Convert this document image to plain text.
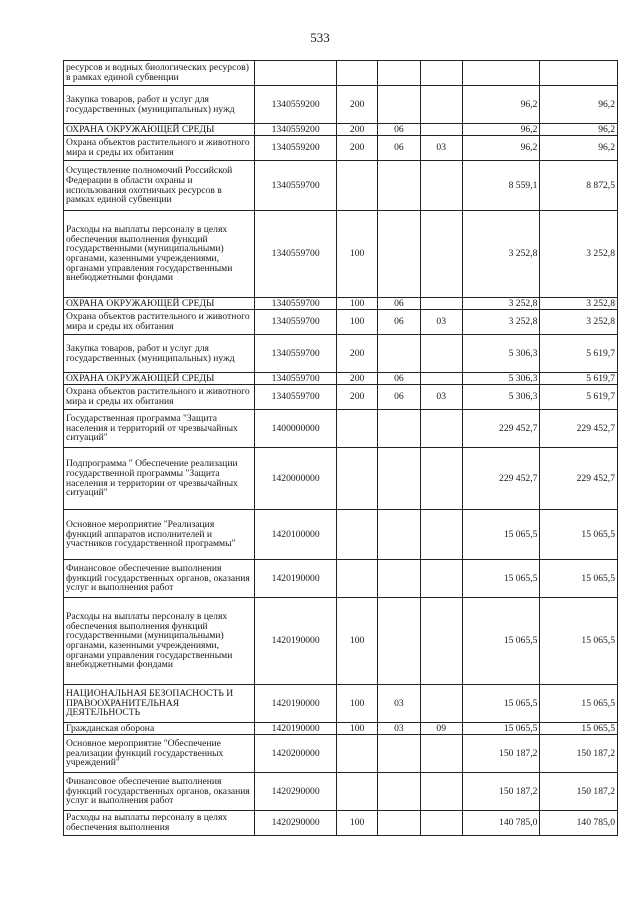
533
ресурсов и водных биологических ресурсов) в рамках единой субвенции						
Закупка товаров, работ и услуг для государственных (муниципальных) нужд	1340559200	200			96,2	96,2
ОХРАНА ОКРУЖАЮЩЕЙ СРЕДЫ	1340559200	200	06		96,2	96,2
Охрана объектов растительного и животного мира и среды их обитания	1340559200	200	06	03	96,2	96,2
Осуществление полномочий Российской Федерации в области охраны и использования охотничьих ресурсов в рамках единой субвенции	1340559700				8 559,1	8 872,5
Расходы на выплаты персоналу в целях обеспечения выполнения функций государственными (муниципальными) органами, казенными учреждениями, органами управления государственными внебюджетными фондами	1340559700	100			3 252,8	3 252,8
ОХРАНА ОКРУЖАЮЩЕЙ СРЕДЫ	1340559700	100	06		3 252,8	3 252,8
Охрана объектов растительного и животного мира и среды их обитания	1340559700	100	06	03	3 252,8	3 252,8
Закупка товаров, работ и услуг для государственных (муниципальных) нужд	1340559700	200			5 306,3	5 619,7
ОХРАНА ОКРУЖАЮЩЕЙ СРЕДЫ	1340559700	200	06		5 306,3	5 619,7
Охрана объектов растительного и животного мира и среды их обитания	1340559700	200	06	03	5 306,3	5 619,7
Государственная программа "Защита населения и территорий от чрезвычайных ситуаций"	1400000000				229 452,7	229 452,7
Подпрограмма " Обеспечение реализации государственной программы "Защита населения и территории от чрезвычайных ситуаций"	1420000000				229 452,7	229 452,7
Основное мероприятие "Реализация функций аппаратов исполнителей и участников государственной программы"	1420100000				15 065,5	15 065,5
Финансовое обеспечение выполнения функций государственных органов, оказания услуг и выполнения работ	1420190000				15 065,5	15 065,5
Расходы на выплаты персоналу в целях обеспечения выполнения функций государственными (муниципальными) органами, казенными учреждениями, органами управления государственными внебюджетными фондами	1420190000	100			15 065,5	15 065,5
НАЦИОНАЛЬНАЯ БЕЗОПАСНОСТЬ И ПРАВООХРАНИТЕЛЬНАЯ ДЕЯТЕЛЬНОСТЬ	1420190000	100	03		15 065,5	15 065,5
Гражданская оборона	1420190000	100	03	09	15 065,5	15 065,5
Основное мероприятие "Обеспечение реализации функций государственных учреждений"	1420200000				150 187,2	150 187,2
Финансовое обеспечение выполнения функций государственных органов, оказания услуг и выполнения работ	1420290000				150 187,2	150 187,2
Расходы на выплаты персоналу в целях обеспечения выполнения	1420290000	100			140 785,0	140 785,0
